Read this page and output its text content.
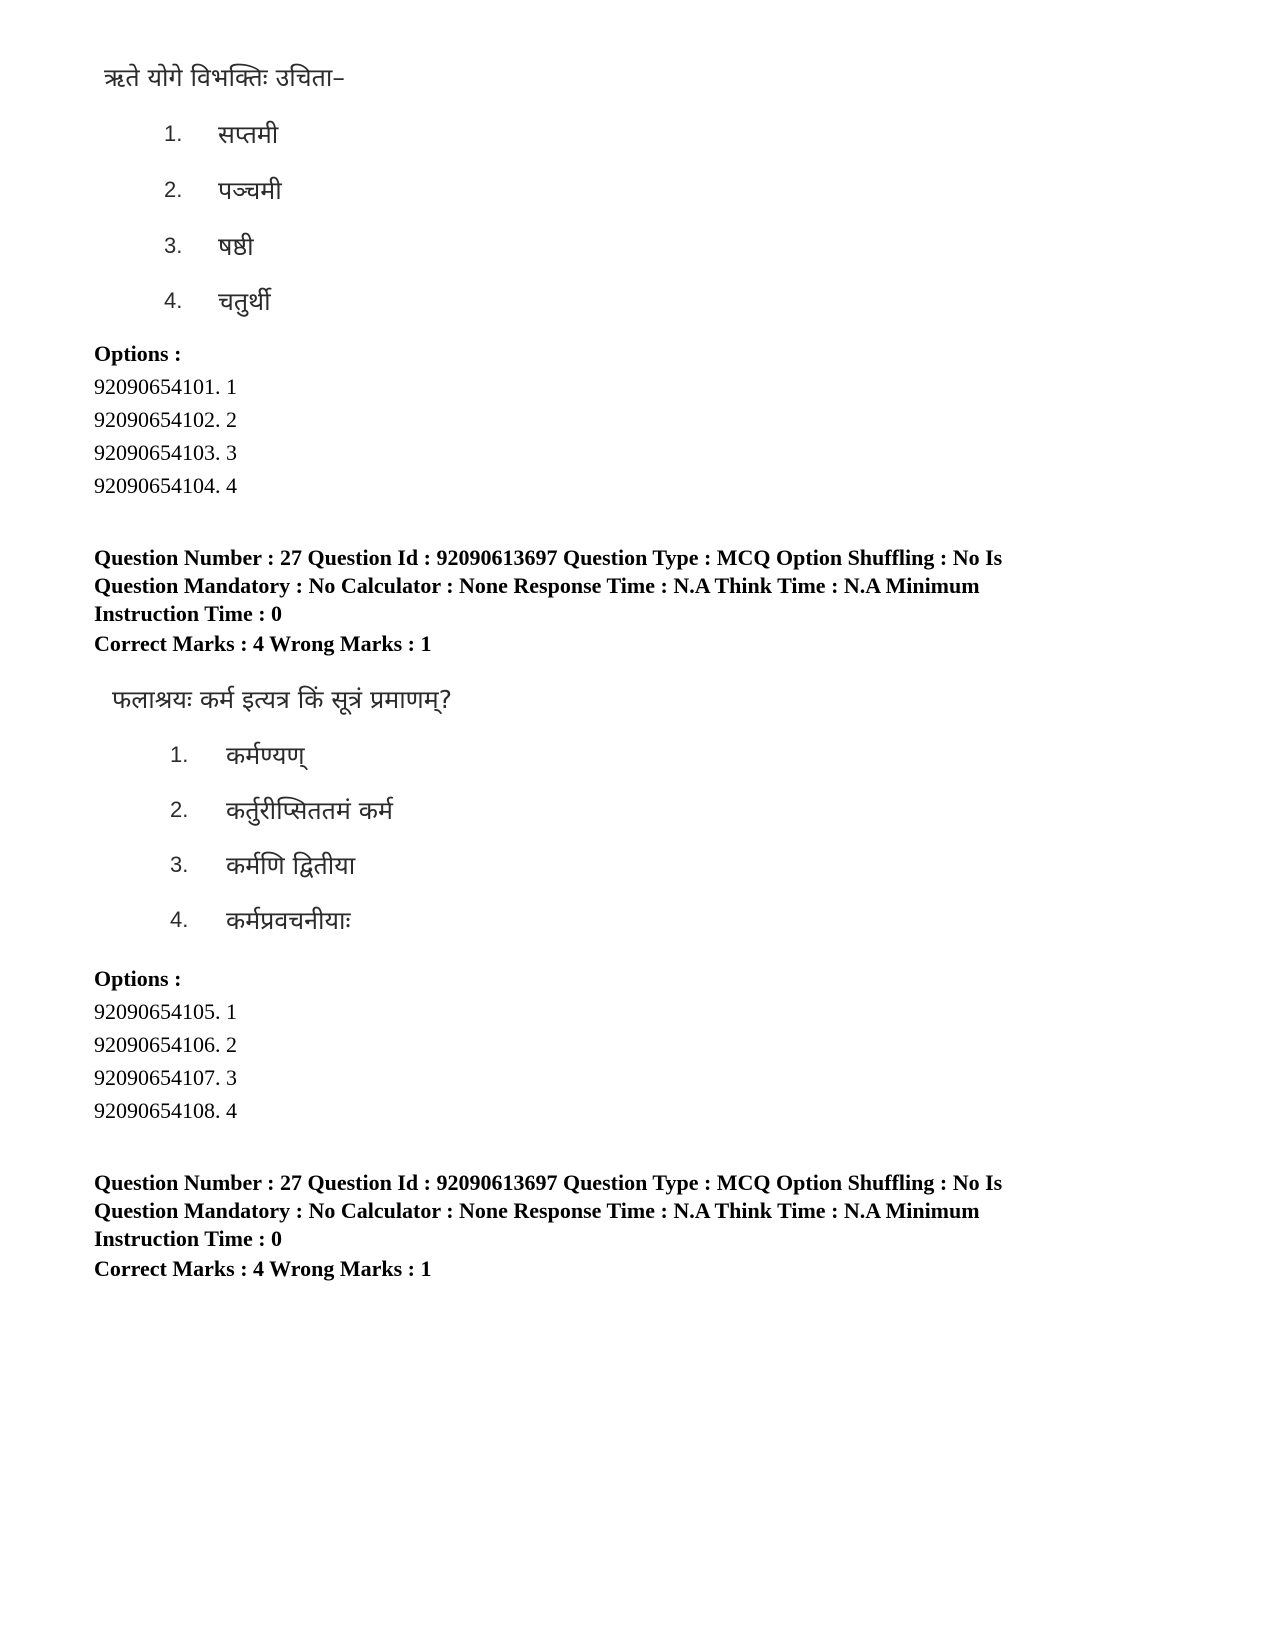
ऋते योगे विभक्तिः उचिता–
1.	सप्तमी
2.	पञ्चमी
3.	षष्ठी
4.	चतुर्थी
Options :
92090654101. 1
92090654102. 2
92090654103. 3
92090654104. 4
Question Number : 27 Question Id : 92090613697 Question Type : MCQ Option Shuffling : No Is
Question Mandatory : No Calculator : None Response Time : N.A Think Time : N.A Minimum
Instruction Time : 0
Correct Marks : 4 Wrong Marks : 1
फलाश्रयः कर्म इत्यत्र किं सूत्रं प्रमाणम्?
1.	कर्मण्यण्
2.	कर्तुरीप्सिततमं कर्म
3.	कर्मणि द्वितीया
4.	कर्मप्रवचनीयाः
Options :
92090654105. 1
92090654106. 2
92090654107. 3
92090654108. 4
Question Number : 27 Question Id : 92090613697 Question Type : MCQ Option Shuffling : No Is
Question Mandatory : No Calculator : None Response Time : N.A Think Time : N.A Minimum
Instruction Time : 0
Correct Marks : 4 Wrong Marks : 1
